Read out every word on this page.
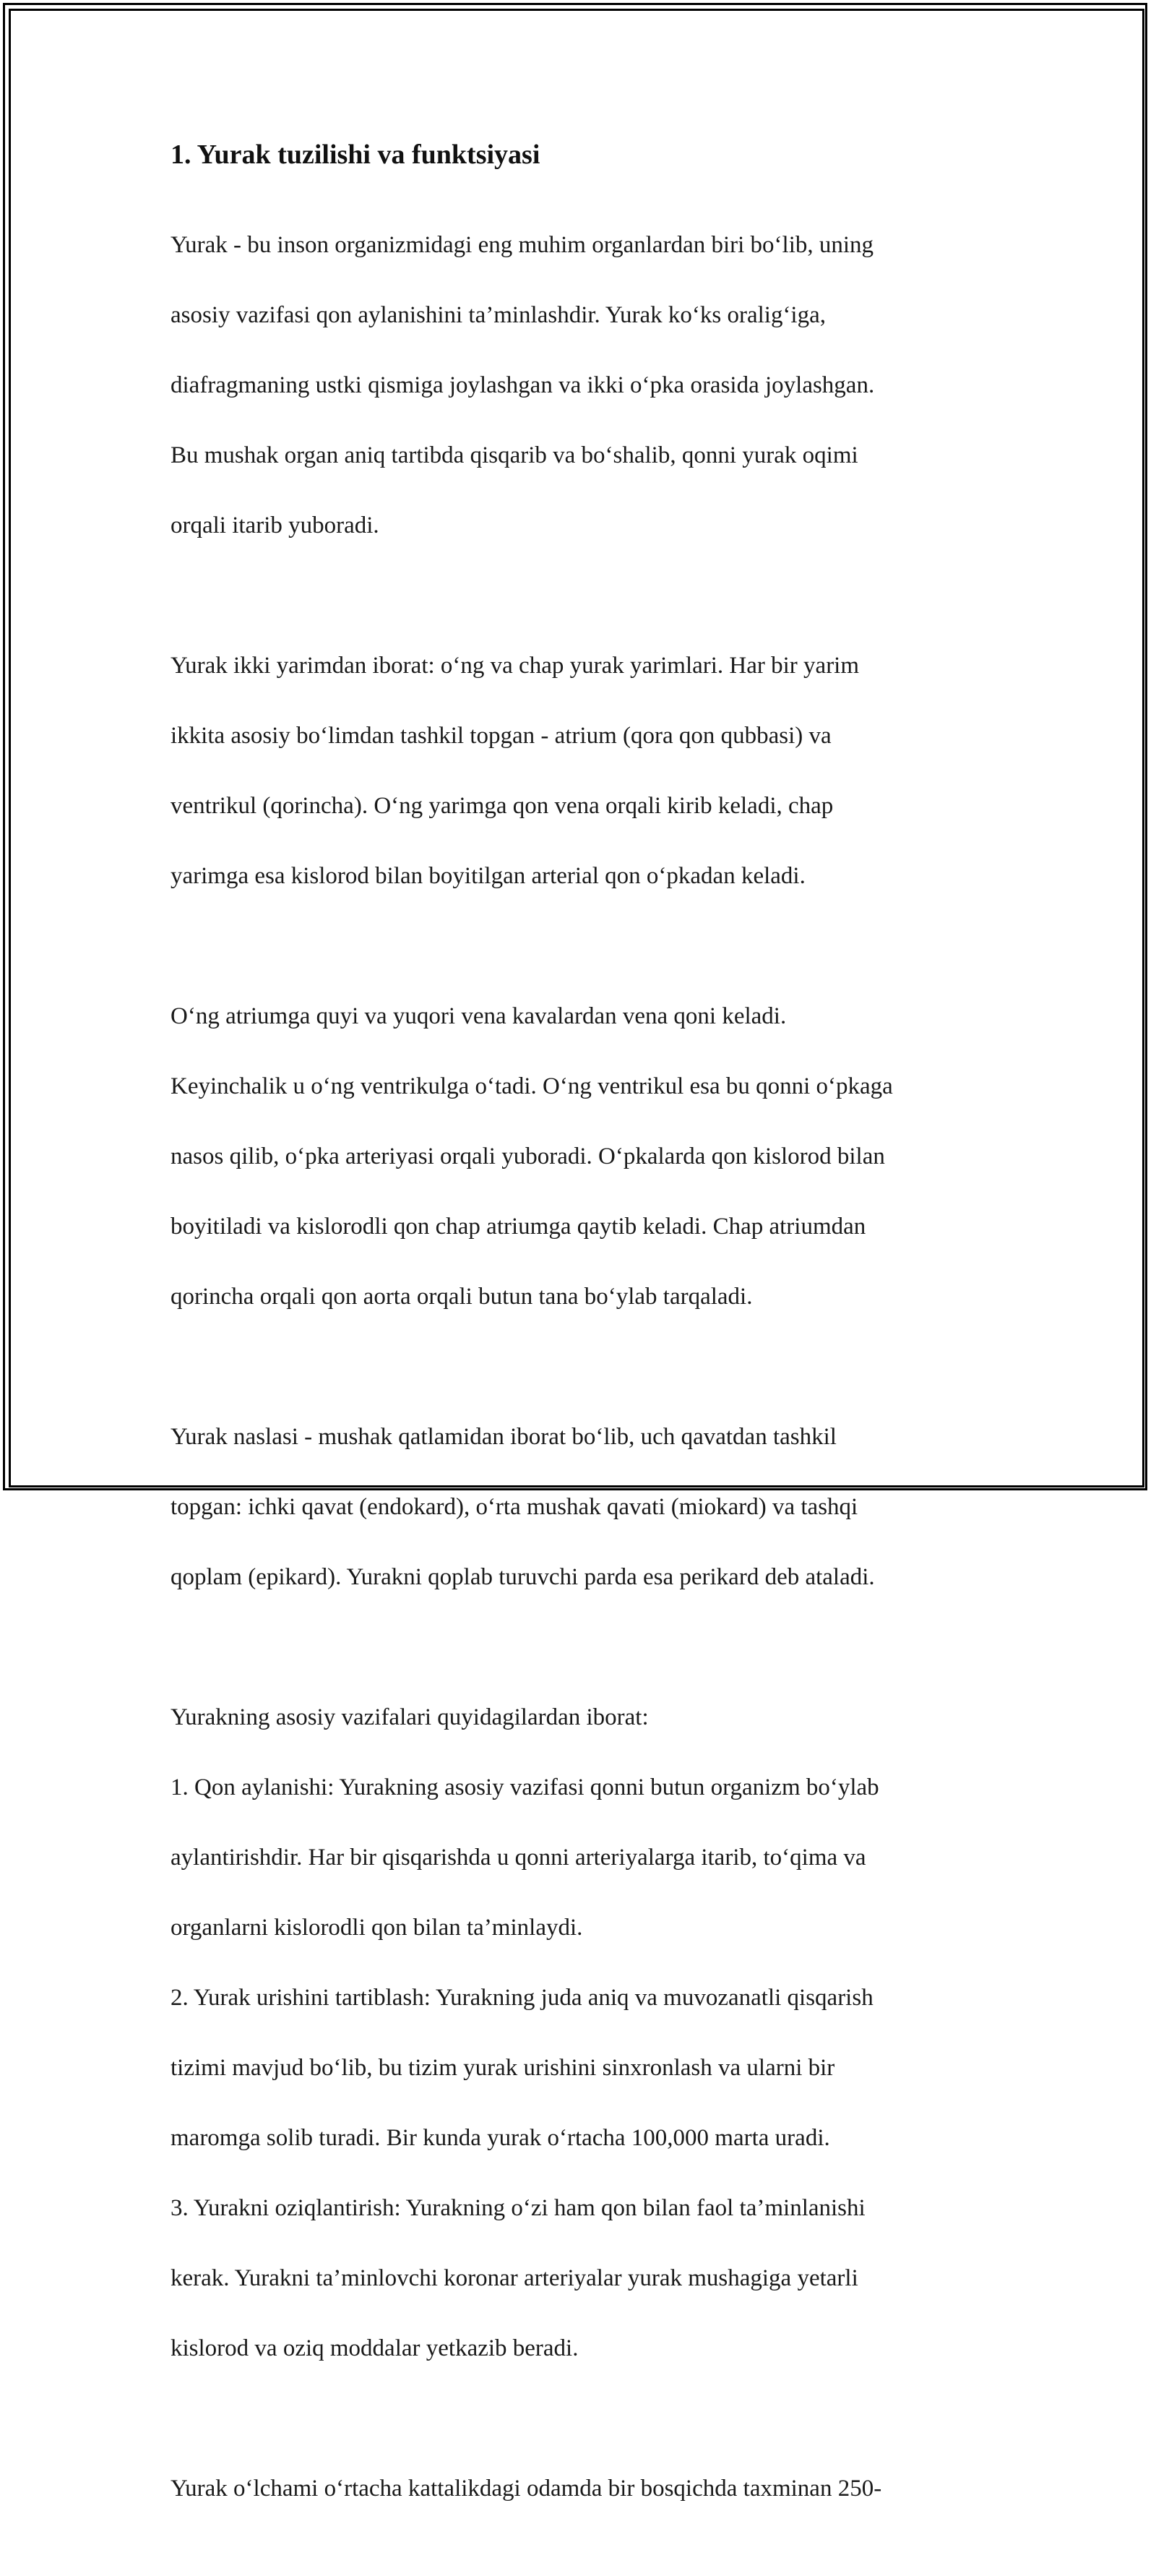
1. Yurak tuzilishi va funktsiyasi

Yurak - bu inson organizmidagi eng muhim organlardan biri bo‘lib, uning

asosiy vazifasi qon aylanishini ta’minlashdir. Yurak ko‘ks oralig‘iga,

diafragmaning ustki qismiga joylashgan va ikki o‘pka orasida joylashgan.

Bu mushak organ aniq tartibda qisqarib va bo‘shalib, qonni yurak oqimi

orqali itarib yuboradi.

Yurak ikki yarimdan iborat: o‘ng va chap yurak yarimlari. Har bir yarim

ikkita asosiy bo‘limdan tashkil topgan - atrium (qora qon qubbasi) va

ventrikul (qorincha). O‘ng yarimga qon vena orqali kirib keladi, chap

yarimga esa kislorod bilan boyitilgan arterial qon o‘pkadan keladi.

O‘ng atriumga quyi va yuqori vena kavalardan vena qoni keladi.

Keyinchalik u o‘ng ventrikulga o‘tadi. O‘ng ventrikul esa bu qonni o‘pkaga

nasos qilib, o‘pka arteriyasi orqali yuboradi. O‘pkalarda qon kislorod bilan

boyitiladi va kislorodli qon chap atriumga qaytib keladi. Chap atriumdan

qorincha orqali qon aorta orqali butun tana bo‘ylab tarqaladi.

Yurak naslasi - mushak qatlamidan iborat bo‘lib, uch qavatdan tashkil

topgan: ichki qavat (endokard), o‘rta mushak qavati (miokard) va tashqi

qoplam (epikard). Yurakni qoplab turuvchi parda esa perikard deb ataladi.

Yurakning asosiy vazifalari quyidagilardan iborat:

1. Qon aylanishi: Yurakning asosiy vazifasi qonni butun organizm bo‘ylab

aylantirishdir. Har bir qisqarishda u qonni arteriyalarga itarib, to‘qima va

organlarni kislorodli qon bilan ta’minlaydi.

2. Yurak urishini tartiblash: Yurakning juda aniq va muvozanatli qisqarish

tizimi mavjud bo‘lib, bu tizim yurak urishini sinxronlash va ularni bir

maromga solib turadi. Bir kunda yurak o‘rtacha 100,000 marta uradi.

3. Yurakni oziqlantirish: Yurakning o‘zi ham qon bilan faol ta’minlanishi

kerak. Yurakni ta’minlovchi koronar arteriyalar yurak mushagiga yetarli

kislorod va oziq moddalar yetkazib beradi.

Yurak o‘lchami o‘rtacha kattalikdagi odamda bir bosqichda taxminan 250-
